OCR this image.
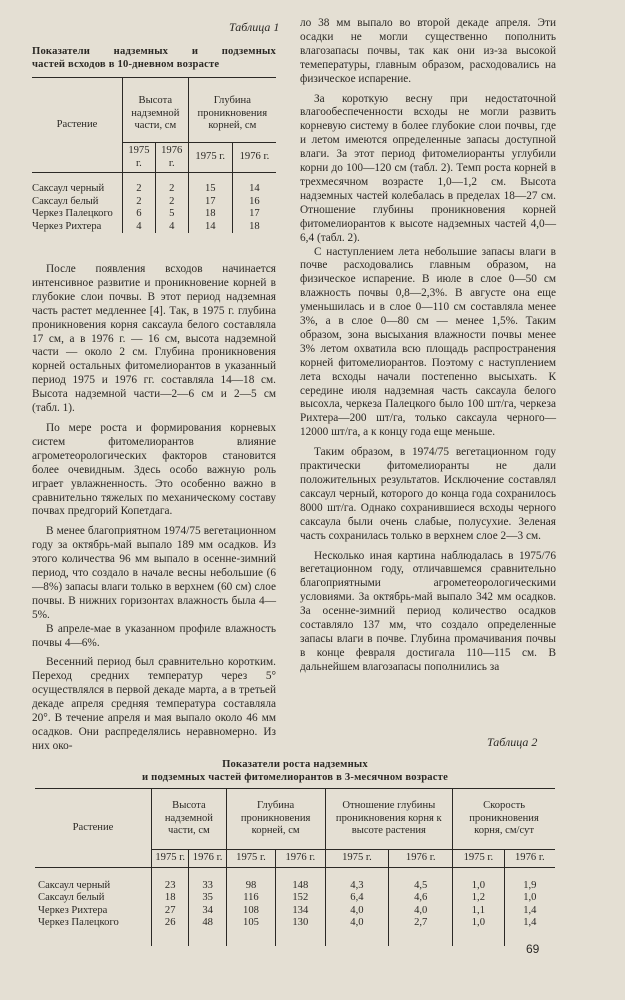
Таблица 1
Показатели надземных и подземных
частей всходов в 10-дневном возрасте
Растение	Высота надземной части, см		Глубина проникновения корней, см	
	1975 г.	1976 г.	1975 г.	1976 г.
Саксаул черный	2	2	15	14
Саксаул белый	2	2	17	16
Черкез Палецкого	6	5	18	17
Черкез Рихтера	4	4	14	18

После появления всходов начинается интенсивное развитие и проникновение корней в глубокие слои почвы. В этот период надземная часть растет медленнее [4]. Так, в 1975 г. глубина проникновения корня саксаула белого составляла 17 см, а в 1976 г. — 16 см, высота надземной части — около 2 см. Глубина проникновения корней остальных фитомелиорантов в указанный период 1975 и 1976 гг. составляла 14—18 см. Высота надземной части—2—6 см и 2—5 см (табл. 1).

По мере роста и формирования корневых систем фитомелиорантов влияние агрометеорологических факторов становится более очевидным. Здесь особо важную роль играет увлажненность. Это особенно важно в сравнительно тяжелых по механическому составу почвах предгорий Копетдага.

В менее благоприятном 1974/75 вегетационном году за октябрь-май выпало 189 мм осадков. Из этого количества 96 мм выпало в осенне-зимний период, что создало в начале весны небольшие (6—8%) запасы влаги только в верхнем (60 см) слое почвы. В нижних горизонтах влажность была 4—5%.

В апреле-мае в указанном профиле влажность почвы 4—6%.

Весенний период был сравнительно коротким. Переход средних температур через 5° осуществлялся в первой декаде марта, а в третьей декаде апреля средняя температура составляла 20°. В течение апреля и мая выпало около 46 мм осадков. Они распределялись неравномерно. Из них око-

ло 38 мм выпало во второй декаде апреля. Эти осадки не могли существенно пополнить влагозапасы почвы, так как они из-за высокой темепературы, главным образом, расходовались на физическое испарение.

За короткую весну при недостаточной влагообеспеченности всходы не могли развить корневую систему в более глубокие слои почвы, где и летом имеются определенные запасы доступной влаги. За этот период фитомелиоранты углубили корни до 100—120 см (табл. 2). Темп роста корней в трехмесячном возрасте 1,0—1,2 см. Высота надземных частей колебалась в пределах 18—27 см. Отношение глубины проникновения корней фитомелиорантов к высоте надземных частей 4,0—6,4 (табл. 2).

С наступлением лета небольшие запасы влаги в почве расходовались главным образом, на физическое испарение. В июле в слое 0—50 см влажность почвы 0,8—2,3%. В августе она еще уменьшилась и в слое 0—110 см составляла менее 3%, а в слое 0—80 см — менее 1,5%. Таким образом, зона высыхания влажности почвы менее 3% летом охватила всю площадь распространения корней фитомелиорантов. Поэтому с наступлением лета всходы начали постепенно высыхать. К середине июля надземная часть саксаула белого высохла, черкеза Палецкого было 100 шт/га, черкеза Рихтера—200 шт/га, только саксаула черного—12000 шт/га, а к концу года еще меньше.

Таким образом, в 1974/75 вегетационном году практически фитомелиоранты не дали положительных результатов. Исключение составлял саксаул черный, которого до конца года сохранилось 8000 шт/га. Однако сохранившиеся всходы черного саксаула были очень слабые, полусухие. Зеленая часть сохранилась только в верхнем слое 2—3 см.

Несколько иная картина наблюдалась в 1975/76 вегетационном году, отличавшемся сравнительно благоприятными агрометеорологическими условиями. За октябрь-май выпало 342 мм осадков. За осенне-зимний период количество осадков составляло 137 мм, что создало определенные запасы влаги в почве. Глубина промачивания почвы в конце февраля достигала 110—115 см. В дальнейшем влагозапасы пополнились за

Таблица 2
Показатели роста надземных
и подземных частей фитомелиорантов в 3-месячном возрасте
Растение	Высота надземной части, см		Глубина проникновения корней, см		Отношение глубины проникновения корня к высоте растения		Скорость проникновения корня, см/сут	
	1975 г.	1976 г.	1975 г.	1976 г.	1975 г.	1976 г.	1975 г.	1976 г.
Саксаул черный	23	33	98	148	4,3	4,5	1,0	1,9
Саксаул белый	18	35	116	152	6,4	4,6	1,2	1,0
Черкез Рихтера	27	34	108	134	4,0	4,0	1,1	1,4
Черкез Палецкого	26	48	105	130	4,0	2,7	1,0	1,4
69
